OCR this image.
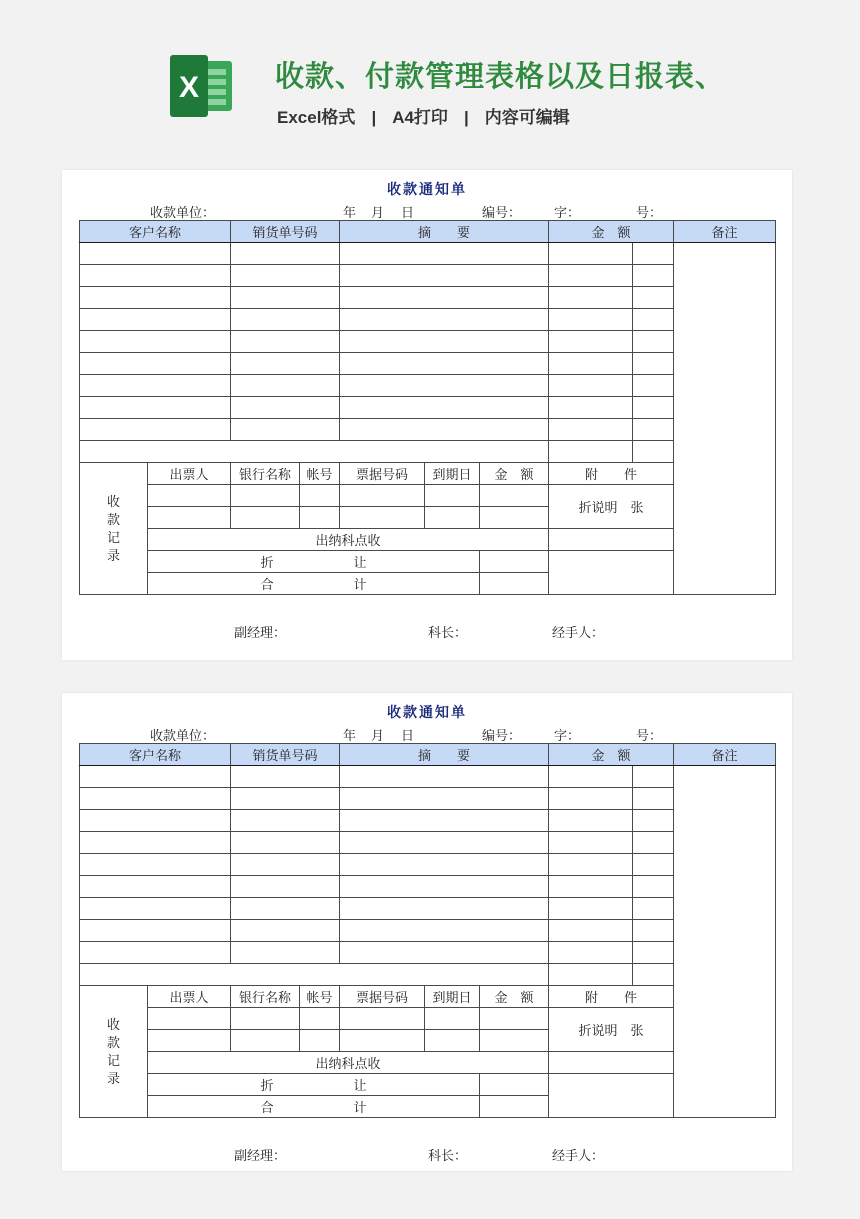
X	收款、付款管理表格以及日报表、
Excel格式 | A4打印 | 内容可编辑
收款通知单
收款单位：	年 月 日	编号：	字：	号：
客户名称		销货单号码		摘　　要			金　额		备注

收款记录	出票人	银行名称	帐号	票据号码	到期日	金　额	附　　件		
							折说明　张		

	出纳科点收								
	折 让								
	合 计								
副经理：	科长：	经手人：
收款通知单
收款单位：	年 月 日	编号：	字：	号：
客户名称		销货单号码		摘　　要			金　额		备注

收款记录	出票人	银行名称	帐号	票据号码	到期日	金　额	附　　件		
							折说明　张		

	出纳科点收								
	折 让								
	合 计								
副经理：	科长：	经手人：
